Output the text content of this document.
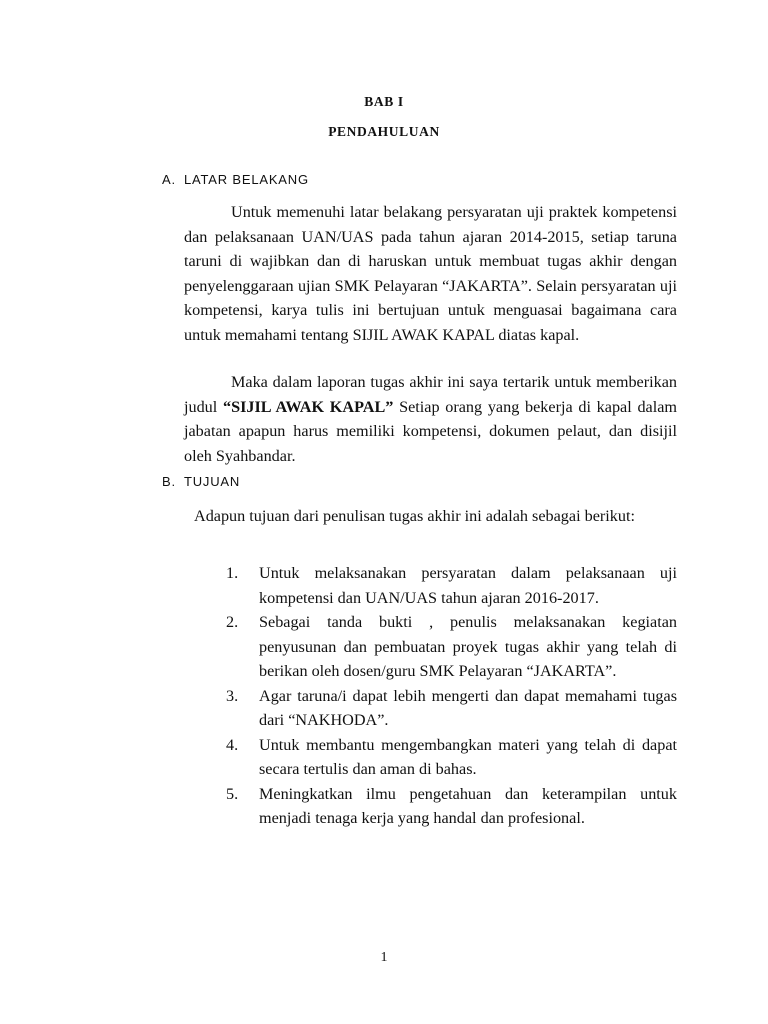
BAB I
PENDAHULUAN
A. LATAR BELAKANG

Untuk memenuhi latar belakang persyaratan uji praktek kompetensi dan pelaksanaan UAN/UAS pada tahun ajaran 2014-2015, setiap taruna taruni di wajibkan dan di haruskan untuk membuat tugas akhir dengan penyelenggaraan ujian SMK Pelayaran “JAKARTA”. Selain persyaratan uji kompetensi, karya tulis ini bertujuan untuk menguasai bagaimana cara untuk memahami tentang SIJIL AWAK KAPAL diatas kapal.

Maka dalam laporan tugas akhir ini saya tertarik untuk memberikan judul “SIJIL AWAK KAPAL” Setiap orang yang bekerja di kapal dalam jabatan apapun harus memiliki kompetensi, dokumen pelaut, dan disijil oleh Syahbandar.

B. TUJUAN

Adapun tujuan dari penulisan tugas akhir ini adalah sebagai berikut:

1. Untuk melaksanakan persyaratan dalam pelaksanaan uji kompetensi dan UAN/UAS tahun ajaran 2016-2017.
2. Sebagai tanda bukti , penulis melaksanakan kegiatan penyusunan dan pembuatan proyek tugas akhir yang telah di berikan oleh dosen/guru SMK Pelayaran “JAKARTA”.
3. Agar taruna/i dapat lebih mengerti dan dapat memahami tugas dari “NAKHODA”.
4. Untuk membantu mengembangkan materi yang telah di dapat secara tertulis dan aman di bahas.
5. Meningkatkan ilmu pengetahuan dan keterampilan untuk menjadi tenaga kerja yang handal dan profesional.
1
